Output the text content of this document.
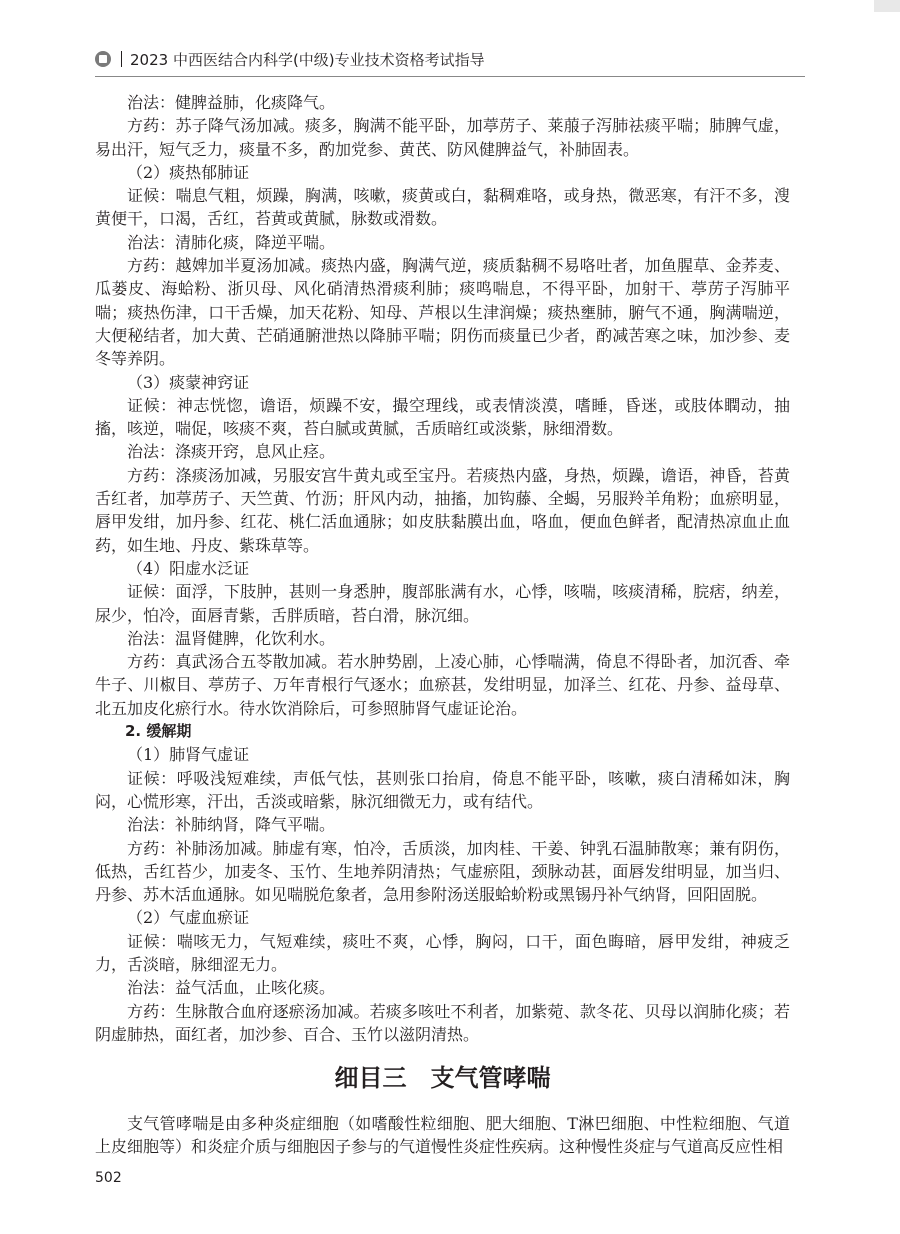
2023 中西医结合内科学(中级)专业技术资格考试指导

治法：健脾益肺，化痰降气。

方药：苏子降气汤加减。痰多，胸满不能平卧，加葶苈子、莱菔子泻肺祛痰平喘；肺脾气虚，易出汗，短气乏力，痰量不多，酌加党参、黄芪、防风健脾益气，补肺固表。

（2）痰热郁肺证

证候：喘息气粗，烦躁，胸满，咳嗽，痰黄或白，黏稠难咯，或身热，微恶寒，有汗不多，溲黄便干，口渴，舌红，苔黄或黄腻，脉数或滑数。

治法：清肺化痰，降逆平喘。

方药：越婢加半夏汤加减。痰热内盛，胸满气逆，痰质黏稠不易咯吐者，加鱼腥草、金荞麦、瓜蒌皮、海蛤粉、浙贝母、风化硝清热滑痰利肺；痰鸣喘息，不得平卧，加射干、葶苈子泻肺平喘；痰热伤津，口干舌燥，加天花粉、知母、芦根以生津润燥；痰热壅肺，腑气不通，胸满喘逆，大便秘结者，加大黄、芒硝通腑泄热以降肺平喘；阴伤而痰量已少者，酌减苦寒之味，加沙参、麦冬等养阴。

（3）痰蒙神窍证

证候：神志恍惚，谵语，烦躁不安，撮空理线，或表情淡漠，嗜睡，昏迷，或肢体瞤动，抽搐，咳逆，喘促，咳痰不爽，苔白腻或黄腻，舌质暗红或淡紫，脉细滑数。

治法：涤痰开窍，息风止痉。

方药：涤痰汤加减，另服安宫牛黄丸或至宝丹。若痰热内盛，身热，烦躁，谵语，神昏，苔黄舌红者，加葶苈子、天竺黄、竹沥；肝风内动，抽搐，加钩藤、全蝎，另服羚羊角粉；血瘀明显，唇甲发绀，加丹参、红花、桃仁活血通脉；如皮肤黏膜出血，咯血，便血色鲜者，配清热凉血止血药，如生地、丹皮、紫珠草等。

（4）阳虚水泛证

证候：面浮，下肢肿，甚则一身悉肿，腹部胀满有水，心悸，咳喘，咳痰清稀，脘痞，纳差，尿少，怕冷，面唇青紫，舌胖质暗，苔白滑，脉沉细。

治法：温肾健脾，化饮利水。

方药：真武汤合五苓散加减。若水肿势剧，上凌心肺，心悸喘满，倚息不得卧者，加沉香、牵牛子、川椒目、葶苈子、万年青根行气逐水；血瘀甚，发绀明显，加泽兰、红花、丹参、益母草、北五加皮化瘀行水。待水饮消除后，可参照肺肾气虚证论治。

2. 缓解期

（1）肺肾气虚证

证候：呼吸浅短难续，声低气怯，甚则张口抬肩，倚息不能平卧，咳嗽，痰白清稀如沫，胸闷，心慌形寒，汗出，舌淡或暗紫，脉沉细微无力，或有结代。

治法：补肺纳肾，降气平喘。

方药：补肺汤加减。肺虚有寒，怕冷，舌质淡，加肉桂、干姜、钟乳石温肺散寒；兼有阴伤，低热，舌红苔少，加麦冬、玉竹、生地养阴清热；气虚瘀阻，颈脉动甚，面唇发绀明显，加当归、丹参、苏木活血通脉。如见喘脱危象者，急用参附汤送服蛤蚧粉或黑锡丹补气纳肾，回阳固脱。

（2）气虚血瘀证

证候：喘咳无力，气短难续，痰吐不爽，心悸，胸闷，口干，面色晦暗，唇甲发绀，神疲乏力，舌淡暗，脉细涩无力。

治法：益气活血，止咳化痰。

方药：生脉散合血府逐瘀汤加减。若痰多咳吐不利者，加紫菀、款冬花、贝母以润肺化痰；若阴虚肺热，面红者，加沙参、百合、玉竹以滋阴清热。

细目三　支气管哮喘

支气管哮喘是由多种炎症细胞（如嗜酸性粒细胞、肥大细胞、T淋巴细胞、中性粒细胞、气道上皮细胞等）和炎症介质与细胞因子参与的气道慢性炎症性疾病。这种慢性炎症与气道高反应性相

502
